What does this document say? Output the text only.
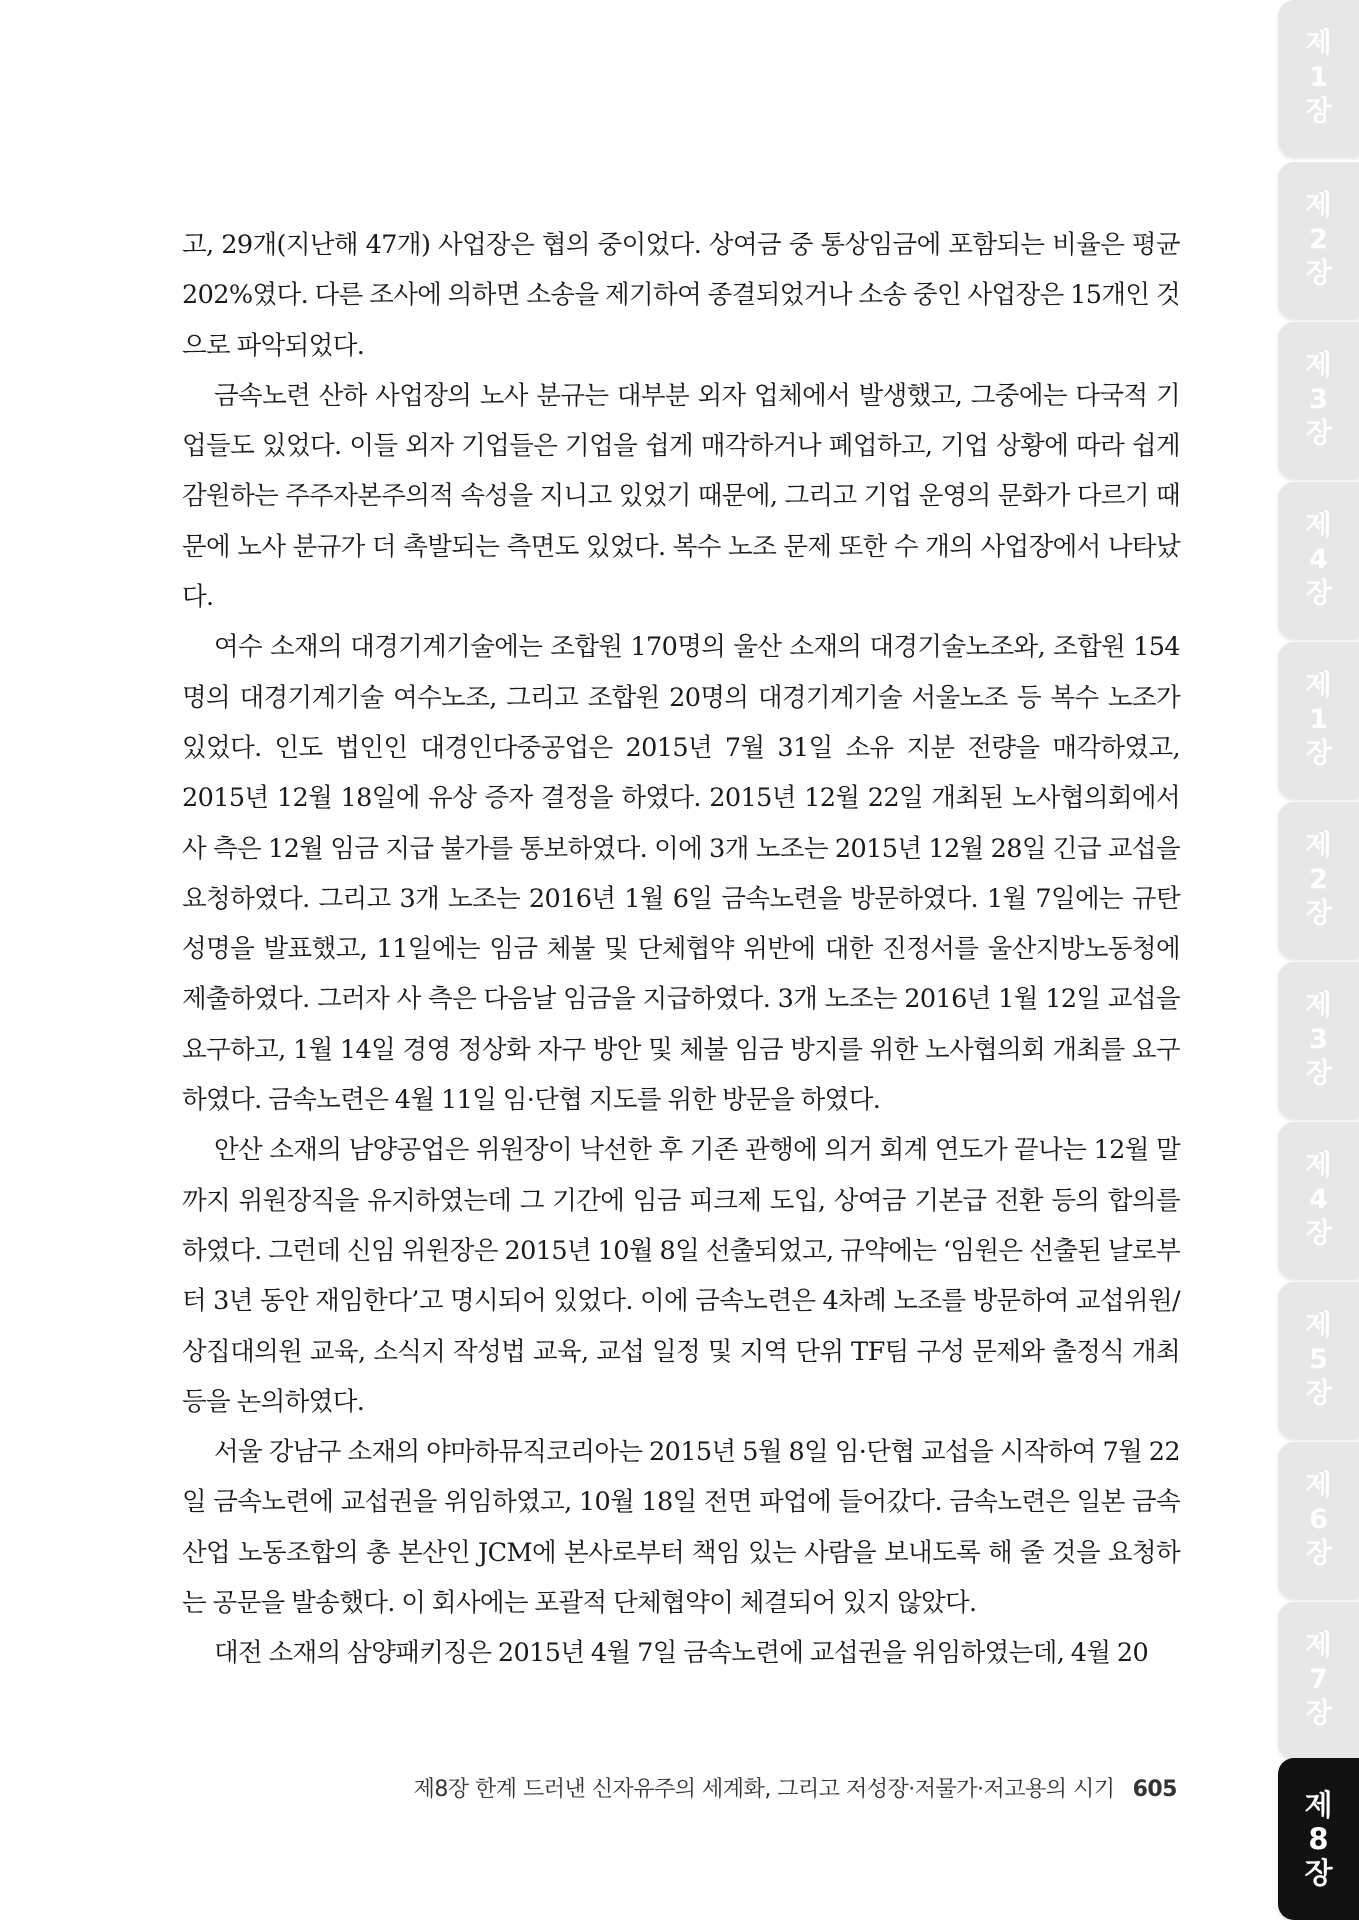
고, 29개(지난해 47개) 사업장은 협의 중이었다. 상여금 중 통상임금에 포함되는 비율은 평균 202%였다. 다른 조사에 의하면 소송을 제기하여 종결되었거나 소송 중인 사업장은 15개인 것으로 파악되었다.

금속노련 산하 사업장의 노사 분규는 대부분 외자 업체에서 발생했고, 그중에는 다국적 기업들도 있었다. 이들 외자 기업들은 기업을 쉽게 매각하거나 폐업하고, 기업 상황에 따라 쉽게 감원하는 주주자본주의적 속성을 지니고 있었기 때문에, 그리고 기업 운영의 문화가 다르기 때문에 노사 분규가 더 촉발되는 측면도 있었다. 복수 노조 문제 또한 수 개의 사업장에서 나타났다.

여수 소재의 대경기계기술에는 조합원 170명의 울산 소재의 대경기술노조와, 조합원 154명의 대경기계기술 여수노조, 그리고 조합원 20명의 대경기계기술 서울노조 등 복수 노조가 있었다. 인도 법인인 대경인다중공업은 2015년 7월 31일 소유 지분 전량을 매각하였고, 2015년 12월 18일에 유상 증자 결정을 하였다. 2015년 12월 22일 개최된 노사협의회에서 사 측은 12월 임금 지급 불가를 통보하였다. 이에 3개 노조는 2015년 12월 28일 긴급 교섭을 요청하였다. 그리고 3개 노조는 2016년 1월 6일 금속노련을 방문하였다. 1월 7일에는 규탄 성명을 발표했고, 11일에는 임금 체불 및 단체협약 위반에 대한 진정서를 울산지방노동청에 제출하였다. 그러자 사 측은 다음날 임금을 지급하였다. 3개 노조는 2016년 1월 12일 교섭을 요구하고, 1월 14일 경영 정상화 자구 방안 및 체불 임금 방지를 위한 노사협의회 개최를 요구하였다. 금속노련은 4월 11일 임·단협 지도를 위한 방문을 하였다.

안산 소재의 남양공업은 위원장이 낙선한 후 기존 관행에 의거 회계 연도가 끝나는 12월 말까지 위원장직을 유지하였는데 그 기간에 임금 피크제 도입, 상여금 기본급 전환 등의 합의를 하였다. 그런데 신임 위원장은 2015년 10월 8일 선출되었고, 규약에는 ‘임원은 선출된 날로부터 3년 동안 재임한다’고 명시되어 있었다. 이에 금속노련은 4차례 노조를 방문하여 교섭위원/상집대의원 교육, 소식지 작성법 교육, 교섭 일정 및 지역 단위 TF팀 구성 문제와 출정식 개최 등을 논의하였다.

서울 강남구 소재의 야마하뮤직코리아는 2015년 5월 8일 임·단협 교섭을 시작하여 7월 22일 금속노련에 교섭권을 위임하였고, 10월 18일 전면 파업에 들어갔다. 금속노련은 일본 금속 산업 노동조합의 총 본산인 JCM에 본사로부터 책임 있는 사람을 보내도록 해 줄 것을 요청하는 공문을 발송했다. 이 회사에는 포괄적 단체협약이 체결되어 있지 않았다.

대전 소재의 삼양패키징은 2015년 4월 7일 금속노련에 교섭권을 위임하였는데, 4월 20

제8장 한계 드러낸 신자유주의 세계화, 그리고 저성장·저물가·저고용의 시기 605
제
1
장
제
2
장
제
3
장
제
4
장
제
1
장
제
2
장
제
3
장
제
4
장
제
5
장
제
6
장
제
7
장
제
8
장
